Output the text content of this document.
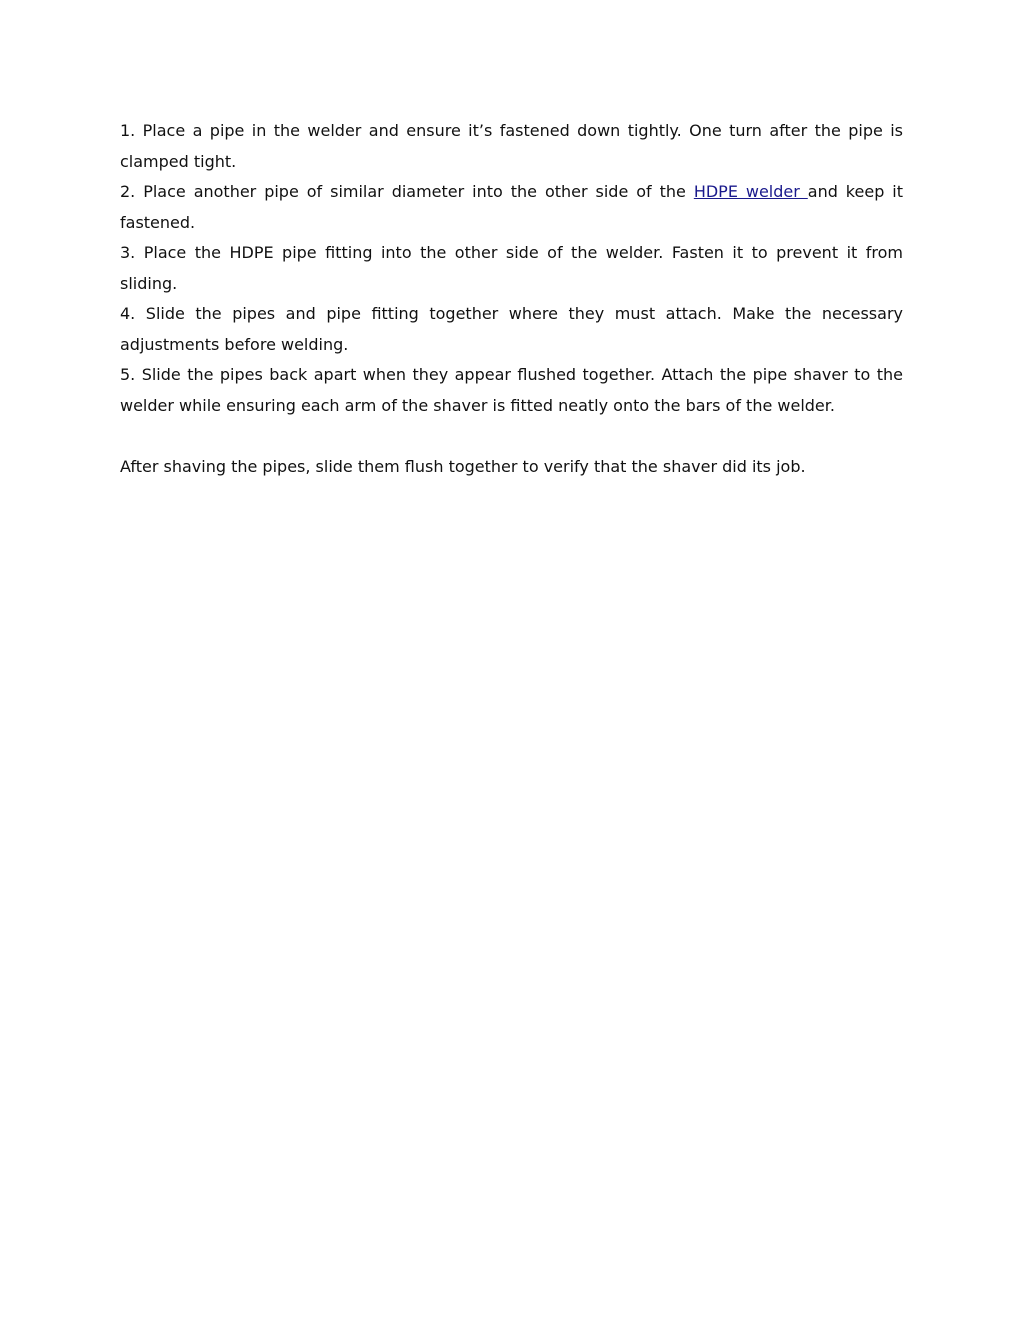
1. Place a pipe in the welder and ensure it’s fastened down tightly. One turn after the pipe is clamped tight.

2. Place another pipe of similar diameter into the other side of the HDPE welder and keep it fastened.

3. Place the HDPE pipe fitting into the other side of the welder. Fasten it to prevent it from sliding.

4. Slide the pipes and pipe fitting together where they must attach. Make the necessary adjustments before welding.

5. Slide the pipes back apart when they appear flushed together. Attach the pipe shaver to the welder while ensuring each arm of the shaver is fitted neatly onto the bars of the welder.

After shaving the pipes, slide them flush together to verify that the shaver did its job.
